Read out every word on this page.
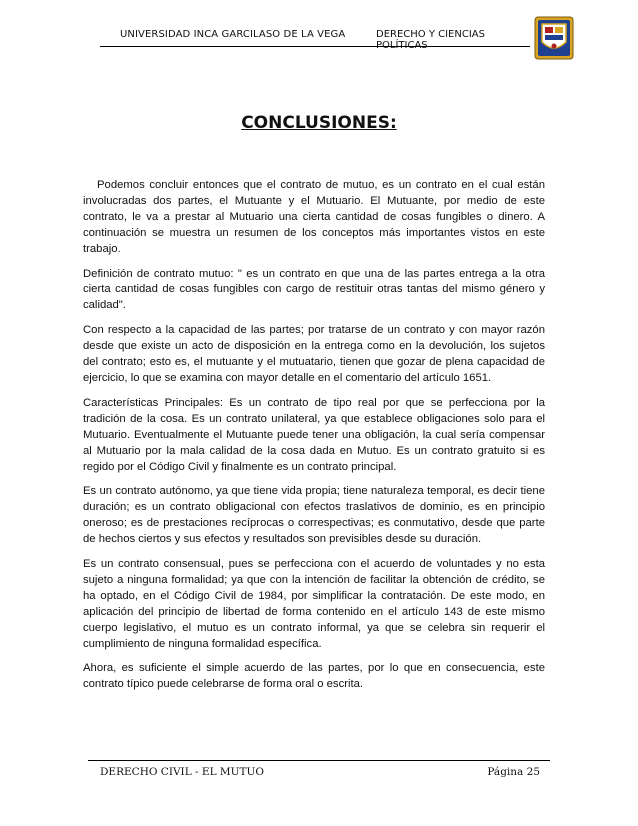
UNIVERSIDAD INCA GARCILASO DE LA VEGA	DERECHO Y CIENCIAS
CONCLUSIONES:

Podemos concluir entonces que el contrato de mutuo, es un contrato en el cual están involucradas dos partes, el Mutuante y el Mutuario. El Mutuante, por medio de este contrato, le va a prestar al Mutuario una cierta cantidad de cosas fungibles o dinero. A continuación se muestra un resumen de los conceptos más importantes vistos en este trabajo.

Definición de contrato mutuo: " es un contrato en que una de las partes entrega a la otra cierta cantidad de cosas fungibles con cargo de restituir otras tantas del mismo género y calidad".

Con respecto a la capacidad de las partes; por tratarse de un contrato y con mayor razón desde que existe un acto de disposición en la entrega como en la devolución, los sujetos del contrato; esto es, el mutuante y el mutuatario, tienen que gozar de plena capacidad de ejercicio, lo que se examina con mayor detalle en el comentario del artículo 1651.

Características Principales: Es un contrato de tipo real por que se perfecciona por la tradición de la cosa. Es un contrato unilateral, ya que establece obligaciones solo para el Mutuario. Eventualmente el Mutuante puede tener una obligación, la cual sería compensar al Mutuario por la mala calidad de la cosa dada en Mutuo. Es un contrato gratuito si es regido por el Código Civil y finalmente es un contrato principal.

Es un contrato autónomo, ya que tiene vida propia; tiene naturaleza temporal, es decir tiene duración; es un contrato obligacional con efectos traslativos de dominio, es en principio oneroso; es de prestaciones recíprocas o correspectivas; es conmutativo, desde que parte de hechos ciertos y sus efectos y resultados son previsibles desde su duración.

Es un contrato consensual, pues se perfecciona con el acuerdo de voluntades y no esta sujeto a ninguna formalidad; ya que con la intención de facilitar la obtención de crédito, se ha optado, en el Código Civil de 1984, por simplificar la contratación. De este modo, en aplicación del principio de libertad de forma contenido en el artículo 143 de este mismo cuerpo legislativo, el mutuo es un contrato informal, ya que se celebra sin requerir el cumplimiento de ninguna formalidad específica.

Ahora, es suficiente el simple acuerdo de las partes, por lo que en consecuencia, este contrato típico puede celebrarse de forma oral o escrita.

DERECHO CIVIL - EL MUTUO	Página 25
